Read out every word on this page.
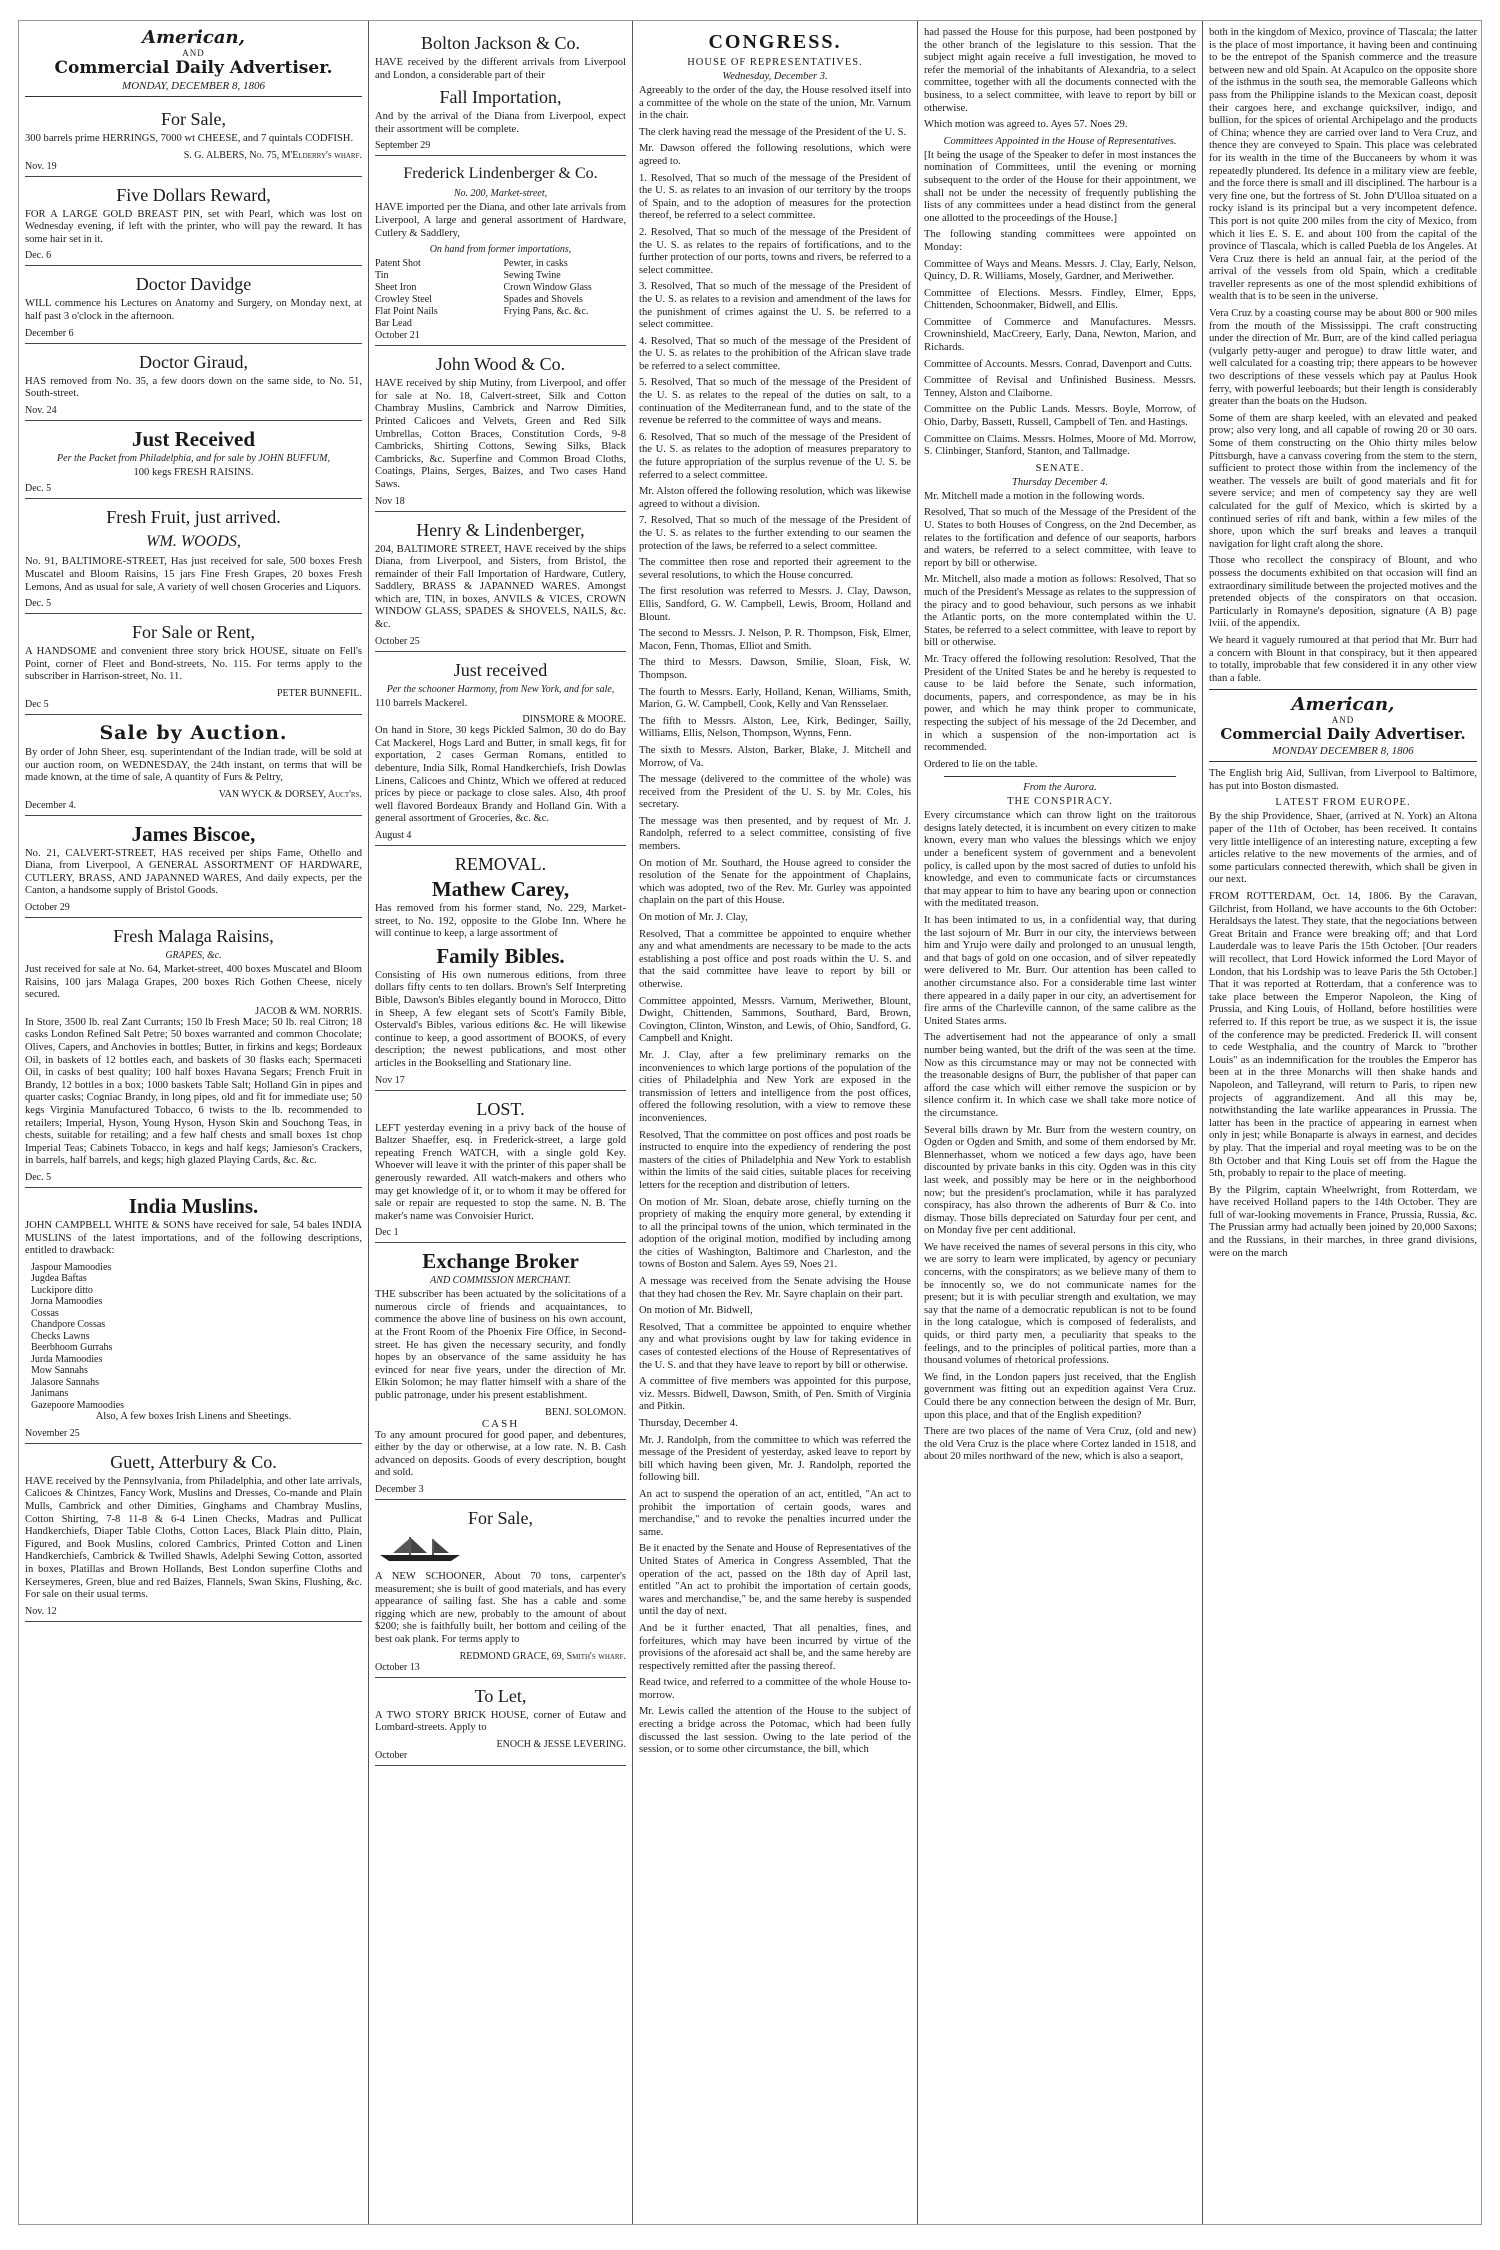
American,
AND
Commercial Daily Advertiser.
MONDAY, DECEMBER 8, 1806
For Sale,

300 barrels prime HERRINGS, 7000 wt CHEESE, and 7 quintals CODFISH.

S. G. ALBERS, No. 75, M'Elderry's wharf.
Nov. 19
Five Dollars Reward,

FOR A LARGE GOLD BREAST PIN, set with Pearl, which was lost on Wednesday evening, if left with the printer, who will pay the reward. It has some hair set in it.

Dec. 6
Doctor Davidge

WILL commence his Lectures on Anatomy and Surgery, on Monday next, at half past 3 o'clock in the afternoon.

December 6
Doctor Giraud,

HAS removed from No. 35, a few doors down on the same side, to No. 51, South-street.

Nov. 24
Just Received
Per the Packet from Philadelphia, and for sale by JOHN BUFFUM,

100 kegs FRESH RAISINS.

Dec. 5
Fresh Fruit, just arrived.
WM. WOODS,

No. 91, BALTIMORE-STREET, Has just received for sale, 500 boxes Fresh Muscatel and Bloom Raisins, 15 jars Fine Fresh Grapes, 20 boxes Fresh Lemons, And as usual for sale, A variety of well chosen Groceries and Liquors.

Dec. 5
For Sale or Rent,

A HANDSOME and convenient three story brick HOUSE, situate on Fell's Point, corner of Fleet and Bond-streets, No. 115. For terms apply to the subscriber in Harrison-street, No. 11.

PETER BUNNEFIL.
Dec 5
Sale by Auction.

By order of John Sheer, esq. superintendant of the Indian trade, will be sold at our auction room, on WEDNESDAY, the 24th instant, on terms that will be made known, at the time of sale, A quantity of Furs & Peltry,

VAN WYCK & DORSEY, Auct'rs.
December 4.
James Biscoe,

No. 21, CALVERT-STREET, HAS received per ships Fame, Othello and Diana, from Liverpool, A GENERAL ASSORTMENT OF HARDWARE, CUTLERY, BRASS, AND JAPANNED WARES, And daily expects, per the Canton, a handsome supply of Bristol Goods.

October 29
Fresh Malaga Raisins,
GRAPES, &c.

Just received for sale at No. 64, Market-street, 400 boxes Muscatel and Bloom Raisins, 100 jars Malaga Grapes, 200 boxes Rich Gothen Cheese, nicely secured.

JACOB & WM. NORRIS.

In Store, 3500 lb. real Zant Currants; 150 lb Fresh Mace; 50 lb. real Citron; 18 casks London Refined Salt Petre; 50 boxes warranted and common Chocolate; Olives, Capers, and Anchovies in bottles; Butter, in firkins and kegs; Bordeaux Oil, in baskets of 12 bottles each, and baskets of 30 flasks each; Spermaceti Oil, in casks of best quality; 100 half boxes Havana Segars; French Fruit in Brandy, 12 bottles in a box; 1000 baskets Table Salt; Holland Gin in pipes and quarter casks; Cogniac Brandy, in long pipes, old and fit for immediate use; 50 kegs Virginia Manufactured Tobacco, 6 twists to the lb. recommended to retailers; Imperial, Hyson, Young Hyson, Hyson Skin and Souchong Teas, in chests, suitable for retailing; and a few half chests and small boxes 1st chop Imperial Teas; Cabinets Tobacco, in kegs and half kegs; Jamieson's Crackers, in barrels, half barrels, and kegs; high glazed Playing Cards, &c. &c.

Dec. 5
India Muslins.

JOHN CAMPBELL WHITE & SONS have received for sale, 54 bales INDIA MUSLINS of the latest importations, and of the following descriptions, entitled to drawback:

Jaspour Mamoodies
Jugdea Baftas
Luckipore ditto
Jorna Mamoodies
Cossas
Chandpore Cossas
Checks Lawns
Beerbhoom Gurrahs
Jurda Mamoodies
Mow Sannahs
Jalasore Sannahs
Janimans
Gazepoore Mamoodies

Also, A few boxes Irish Linens and Sheetings.

November 25
Guett, Atterbury & Co.

HAVE received by the Pennsylvania, from Philadelphia, and other late arrivals, Calicoes & Chintzes, Fancy Work, Muslins and Dresses, Co-mande and Plain Mulls, Cambrick and other Dimities, Ginghams and Chambray Muslins, Cotton Shirting, 7-8 11-8 & 6-4 Linen Checks, Madras and Pullicat Handkerchiefs, Diaper Table Cloths, Cotton Laces, Black Plain ditto, Plain, Figured, and Book Muslins, colored Cambrics, Printed Cotton and Linen Handkerchiefs, Cambrick & Twilled Shawls, Adelphi Sewing Cotton, assorted in boxes, Platillas and Brown Hollands, Best London superfine Cloths and Kerseymeres, Green, blue and red Baizes, Flannels, Swan Skins, Flushing, &c. For sale on their usual terms.

Nov. 12
Bolton Jackson & Co.

HAVE received by the different arrivals from Liverpool and London, a considerable part of their

Fall Importation,

And by the arrival of the Diana from Liverpool, expect their assortment will be complete.

September 29
Frederick Lindenberger & Co.
No. 200, Market-street,

HAVE imported per the Diana, and other late arrivals from Liverpool, A large and general assortment of Hardware, Cutlery & Saddlery,

On hand from former importations,
Patent Shot
Tin
Sheet Iron
Crowley Steel
Flat Point Nails
Bar Lead
Pewter, in casks
Sewing Twine
Crown Window Glass
Spades and Shovels
Frying Pans, &c. &c.
October 21
John Wood & Co.

HAVE received by ship Mutiny, from Liverpool, and offer for sale at No. 18, Calvert-street, Silk and Cotton Chambray Muslins, Cambrick and Narrow Dimities, Printed Calicoes and Velvets, Green and Red Silk Umbrellas, Cotton Braces, Constitution Cords, 9-8 Cambricks, Shirting Cottons, Sewing Silks, Black Cambricks, &c. Superfine and Common Broad Cloths, Coatings, Plains, Serges, Baizes, and Two cases Hand Saws.

Nov 18
Henry & Lindenberger,

204, BALTIMORE STREET, HAVE received by the ships Diana, from Liverpool, and Sisters, from Bristol, the remainder of their Fall Importation of Hardware, Cutlery, Saddlery, BRASS & JAPANNED WARES. Amongst which are, TIN, in boxes, ANVILS & VICES, CROWN WINDOW GLASS, SPADES & SHOVELS, NAILS, &c. &c.

October 25
Just received
Per the schooner Harmony, from New York, and for sale,

110 barrels Mackerel.

DINSMORE & MOORE.

On hand in Store, 30 kegs Pickled Salmon, 30 do do Bay Cat Mackerel, Hogs Lard and Butter, in small kegs, fit for exportation, 2 cases German Romans, entitled to debenture, India Silk, Romal Handkerchiefs, Irish Dowlas Linens, Calicoes and Chintz, Which we offered at reduced prices by piece or package to close sales. Also, 4th proof well flavored Bordeaux Brandy and Holland Gin. With a general assortment of Groceries, &c. &c.

August 4
REMOVAL.
Mathew Carey,

Has removed from his former stand, No. 229, Market-street, to No. 192, opposite to the Globe Inn. Where he will continue to keep, a large assortment of

Family Bibles.

Consisting of His own numerous editions, from three dollars fifty cents to ten dollars. Brown's Self Interpreting Bible, Dawson's Bibles elegantly bound in Morocco, Ditto in Sheep, A few elegant sets of Scott's Family Bible, Ostervald's Bibles, various editions &c. He will likewise continue to keep, a good assortment of BOOKS, of every description; the newest publications, and most other articles in the Bookselling and Stationary line.

Nov 17
LOST.

LEFT yesterday evening in a privy back of the house of Baltzer Shaeffer, esq. in Frederick-street, a large gold repeating French WATCH, with a single gold Key. Whoever will leave it with the printer of this paper shall be generously rewarded. All watch-makers and others who may get knowledge of it, or to whom it may be offered for sale or repair are requested to stop the same. N. B. The maker's name was Convoisier Hurict.

Dec 1
Exchange Broker
AND COMMISSION MERCHANT.

THE subscriber has been actuated by the solicitations of a numerous circle of friends and acquaintances, to commence the above line of business on his own account, at the Front Room of the Phoenix Fire Office, in Second-street. He has given the necessary security, and fondly hopes by an observance of the same assiduity he has evinced for near five years, under the direction of Mr. Elkin Solomon; he may flatter himself with a share of the public patronage, under his present establishment.

BENJ. SOLOMON.
CASH

To any amount procured for good paper, and debentures, either by the day or otherwise, at a low rate. N. B. Cash advanced on deposits. Goods of every description, bought and sold.

December 3
For Sale,

A NEW SCHOONER, About 70 tons, carpenter's measurement; she is built of good materials, and has every appearance of sailing fast. She has a cable and some rigging which are new, probably to the amount of about $200; she is faithfully built, her bottom and ceiling of the best oak plank. For terms apply to

REDMOND GRACE, 69, Smith's wharf.
October 13
To Let,

A TWO STORY BRICK HOUSE, corner of Eutaw and Lombard-streets. Apply to

ENOCH & JESSE LEVERING.
October
CONGRESS.
HOUSE OF REPRESENTATIVES.
Wednesday, December 3.

Agreeably to the order of the day, the House resolved itself into a committee of the whole on the state of the union, Mr. Varnum in the chair.

The clerk having read the message of the President of the U. S.

Mr. Dawson offered the following resolutions, which were agreed to.

1. Resolved, That so much of the message of the President of the U. S. as relates to an invasion of our territory by the troops of Spain, and to the adoption of measures for the protection thereof, be referred to a select committee.

2. Resolved, That so much of the message of the President of the U. S. as relates to the repairs of fortifications, and to the further protection of our ports, towns and rivers, be referred to a select committee.

3. Resolved, That so much of the message of the President of the U. S. as relates to a revision and amendment of the laws for the punishment of crimes against the U. S. be referred to a select committee.

4. Resolved, That so much of the message of the President of the U. S. as relates to the prohibition of the African slave trade be referred to a select committee.

5. Resolved, That so much of the message of the President of the U. S. as relates to the repeal of the duties on salt, to a continuation of the Mediterranean fund, and to the state of the revenue be referred to the committee of ways and means.

6. Resolved, That so much of the message of the President of the U. S. as relates to the adoption of measures preparatory to the future appropriation of the surplus revenue of the U. S. be referred to a select committee.

Mr. Alston offered the following resolution, which was likewise agreed to without a division.

7. Resolved, That so much of the message of the President of the U. S. as relates to the further extending to our seamen the protection of the laws, be referred to a select committee.

The committee then rose and reported their agreement to the several resolutions, to which the House concurred.

The first resolution was referred to Messrs. J. Clay, Dawson, Ellis, Sandford, G. W. Campbell, Lewis, Broom, Holland and Blount.

The second to Messrs. J. Nelson, P. R. Thompson, Fisk, Elmer, Macon, Fenn, Thomas, Elliot and Smith.

The third to Messrs. Dawson, Smilie, Sloan, Fisk, W. Thompson.

The fourth to Messrs. Early, Holland, Kenan, Williams, Smith, Marion, G. W. Campbell, Cook, Kelly and Van Rensselaer.

The fifth to Messrs. Alston, Lee, Kirk, Bedinger, Sailly, Williams, Ellis, Nelson, Thompson, Wynns, Fenn.

The sixth to Messrs. Alston, Barker, Blake, J. Mitchell and Morrow, of Va.

The message (delivered to the committee of the whole) was received from the President of the U. S. by Mr. Coles, his secretary.

The message was then presented, and by request of Mr. J. Randolph, referred to a select committee, consisting of five members.

On motion of Mr. Southard, the House agreed to consider the resolution of the Senate for the appointment of Chaplains, which was adopted, two of the Rev. Mr. Gurley was appointed chaplain on the part of this House.

On motion of Mr. J. Clay,

Resolved, That a committee be appointed to enquire whether any and what amendments are necessary to be made to the acts establishing a post office and post roads within the U. S. and that the said committee have leave to report by bill or otherwise.

Committee appointed, Messrs. Varnum, Meriwether, Blount, Dwight, Chittenden, Sammons, Southard, Bard, Brown, Covington, Clinton, Winston, and Lewis, of Ohio, Sandford, G. Campbell and Knight.

Mr. J. Clay, after a few preliminary remarks on the inconveniences to which large portions of the population of the cities of Philadelphia and New York are exposed in the transmission of letters and intelligence from the post offices, offered the following resolution, with a view to remove these inconveniences.

Resolved, That the committee on post offices and post roads be instructed to enquire into the expediency of rendering the post masters of the cities of Philadelphia and New York to establish within the limits of the said cities, suitable places for receiving letters for the reception and distribution of letters.

On motion of Mr. Sloan, debate arose, chiefly turning on the propriety of making the enquiry more general, by extending it to all the principal towns of the union, which terminated in the adoption of the original motion, modified by including among the cities of Washington, Baltimore and Charleston, and the towns of Boston and Salem. Ayes 59, Noes 21.

A message was received from the Senate advising the House that they had chosen the Rev. Mr. Sayre chaplain on their part.

On motion of Mr. Bidwell,

Resolved, That a committee be appointed to enquire whether any and what provisions ought by law for taking evidence in cases of contested elections of the House of Representatives of the U. S. and that they have leave to report by bill or otherwise.

A committee of five members was appointed for this purpose, viz. Messrs. Bidwell, Dawson, Smith, of Pen. Smith of Virginia and Pitkin.

Thursday, December 4.

Mr. J. Randolph, from the committee to which was referred the message of the President of yesterday, asked leave to report by bill which having been given, Mr. J. Randolph, reported the following bill.

An act to suspend the operation of an act, entitled, "An act to prohibit the importation of certain goods, wares and merchandise," and to revoke the penalties incurred under the same.

Be it enacted by the Senate and House of Representatives of the United States of America in Congress Assembled, That the operation of the act, passed on the 18th day of April last, entitled "An act to prohibit the importation of certain goods, wares and merchandise," be, and the same hereby is suspended until the day of next.

And be it further enacted, That all penalties, fines, and forfeitures, which may have been incurred by virtue of the provisions of the aforesaid act shall be, and the same hereby are respectively remitted after the passing thereof.

Read twice, and referred to a committee of the whole House to-morrow.

Mr. Lewis called the attention of the House to the subject of erecting a bridge across the Potomac, which had been fully discussed the last session. Owing to the late period of the session, or to some other circumstance, the bill, which

had passed the House for this purpose, had been postponed by the other branch of the legislature to this session. That the subject might again receive a full investigation, he moved to refer the memorial of the inhabitants of Alexandria, to a select committee, together with all the documents connected with the business, to a select committee, with leave to report by bill or otherwise.

Which motion was agreed to. Ayes 57. Noes 29.

Committees Appointed in the House of Representatives.

[It being the usage of the Speaker to defer in most instances the nomination of Committees, until the evening or morning subsequent to the order of the House for their appointment, we shall not be under the necessity of frequently publishing the lists of any committees under a head distinct from the general one allotted to the proceedings of the House.]

The following standing committees were appointed on Monday:

Committee of Ways and Means. Messrs. J. Clay, Early, Nelson, Quincy, D. R. Williams, Mosely, Gardner, and Meriwether.

Committee of Elections. Messrs. Findley, Elmer, Epps, Chittenden, Schoonmaker, Bidwell, and Ellis.

Committee of Commerce and Manufactures. Messrs. Crowninshield, MacCreery, Early, Dana, Newton, Marion, and Richards.

Committee of Accounts. Messrs. Conrad, Davenport and Cutts.

Committee of Revisal and Unfinished Business. Messrs. Tenney, Alston and Claiborne.

Committee on the Public Lands. Messrs. Boyle, Morrow, of Ohio, Darby, Bassett, Russell, Campbell of Ten. and Hastings.

Committee on Claims. Messrs. Holmes, Moore of Md. Morrow, S. Clinbinger, Stanford, Stanton, and Tallmadge.

SENATE.
Thursday December 4.

Mr. Mitchell made a motion in the following words.

Resolved, That so much of the Message of the President of the U. States to both Houses of Congress, on the 2nd December, as relates to the fortification and defence of our seaports, harbors and waters, be referred to a select committee, with leave to report by bill or otherwise.

Mr. Mitchell, also made a motion as follows: Resolved, That so much of the President's Message as relates to the suppression of the piracy and to good behaviour, such persons as we inhabit the Atlantic ports, on the more contemplated within the U. States, be referred to a select committee, with leave to report by bill or otherwise.

Mr. Tracy offered the following resolution: Resolved, That the President of the United States be and he hereby is requested to cause to be laid before the Senate, such information, documents, papers, and correspondence, as may be in his power, and which he may think proper to communicate, respecting the subject of his message of the 2d December, and in which a suspension of the non-importation act is recommended.

Ordered to lie on the table.

From the Aurora.
THE CONSPIRACY.

Every circumstance which can throw light on the traitorous designs lately detected, it is incumbent on every citizen to make known, every man who values the blessings which we enjoy under a beneficent system of government and a benevolent policy, is called upon by the most sacred of duties to unfold his knowledge, and even to communicate facts or circumstances that may appear to him to have any bearing upon or connection with the meditated treason.

It has been intimated to us, in a confidential way, that during the last sojourn of Mr. Burr in our city, the interviews between him and Yrujo were daily and prolonged to an unusual length, and that bags of gold on one occasion, and of silver repeatedly were delivered to Mr. Burr. Our attention has been called to another circumstance also. For a considerable time last winter there appeared in a daily paper in our city, an advertisement for fire arms of the Charleville cannon, of the same calibre as the United States arms.

The advertisement had not the appearance of only a small number being wanted, but the drift of the was seen at the time. Now as this circumstance may or may not be connected with the treasonable designs of Burr, the publisher of that paper can afford the case which will either remove the suspicion or by silence confirm it. In which case we shall take more notice of the circumstance.

Several bills drawn by Mr. Burr from the western country, on Ogden or Ogden and Smith, and some of them endorsed by Mr. Blennerhasset, whom we noticed a few days ago, have been discounted by private banks in this city. Ogden was in this city last week, and possibly may be here or in the neighborhood now; but the president's proclamation, while it has paralyzed conspiracy, has also thrown the adherents of Burr & Co. into dismay. Those bills depreciated on Saturday four per cent, and on Monday five per cent additional.

We have received the names of several persons in this city, who we are sorry to learn were implicated, by agency or pecuniary concerns, with the conspirators; as we believe many of them to be innocently so, we do not communicate names for the present; but it is with peculiar strength and exultation, we may say that the name of a democratic republican is not to be found in the long catalogue, which is composed of federalists, and quids, or third party men, a peculiarity that speaks to the feelings, and to the principles of political parties, more than a thousand volumes of rhetorical professions.

We find, in the London papers just received, that the English government was fitting out an expedition against Vera Cruz. Could there be any connection between the design of Mr. Burr, upon this place, and that of the English expedition?

There are two places of the name of Vera Cruz, (old and new) the old Vera Cruz is the place where Cortez landed in 1518, and about 20 miles northward of the new, which is also a seaport,

both in the kingdom of Mexico, province of Tlascala; the latter is the place of most importance, it having been and continuing to be the entrepot of the Spanish commerce and the treasure between new and old Spain. At Acapulco on the opposite shore of the isthmus in the south sea, the memorable Galleons which pass from the Philippine islands to the Mexican coast, deposit their cargoes here, and exchange quicksilver, indigo, and bullion, for the spices of oriental Archipelago and the products of China; whence they are carried over land to Vera Cruz, and thence they are conveyed to Spain. This place was celebrated for its wealth in the time of the Buccaneers by whom it was repeatedly plundered. Its defence in a military view are feeble, and the force there is small and ill disciplined. The harbour is a very fine one, but the fortress of St. John D'Ulloa situated on a rocky island is its principal but a very incompetent defence. This port is not quite 200 miles from the city of Mexico, from which it lies E. S. E. and about 100 from the capital of the province of Tlascala, which is called Puebla de los Angeles. At Vera Cruz there is held an annual fair, at the period of the arrival of the vessels from old Spain, which a creditable traveller represents as one of the most splendid exhibitions of wealth that is to be seen in the universe.

Vera Cruz by a coasting course may be about 800 or 900 miles from the mouth of the Mississippi. The craft constructing under the direction of Mr. Burr, are of the kind called periagua (vulgarly petty-auger and perogue) to draw little water, and well calculated for a coasting trip; there appears to be however two descriptions of these vessels which pay at Paulus Hook ferry, with powerful leeboards; but their length is considerably greater than the boats on the Hudson.

Some of them are sharp keeled, with an elevated and peaked prow; also very long, and all capable of rowing 20 or 30 oars. Some of them constructing on the Ohio thirty miles below Pittsburgh, have a canvass covering from the stem to the stern, sufficient to protect those within from the inclemency of the weather. The vessels are built of good materials and fit for severe service; and men of competency say they are well calculated for the gulf of Mexico, which is skirted by a continued series of rift and bank, within a few miles of the shore, upon which the surf breaks and leaves a tranquil navigation for light craft along the shore.

Those who recollect the conspiracy of Blount, and who possess the documents exhibited on that occasion will find an extraordinary similitude between the projected motives and the pretended objects of the conspirators on that occasion. Particularly in Romayne's deposition, signature (A B) page lviii. of the appendix.

We heard it vaguely rumoured at that period that Mr. Burr had a concern with Blount in that conspiracy, but it then appeared to totally, improbable that few considered it in any other view than a fable.

American,
AND
Commercial Daily Advertiser.
MONDAY DECEMBER 8, 1806

The English brig Aid, Sullivan, from Liverpool to Baltimore, has put into Boston dismasted.

LATEST FROM EUROPE.

By the ship Providence, Shaer, (arrived at N. York) an Altona paper of the 11th of October, has been received. It contains very little intelligence of an interesting nature, excepting a few articles relative to the new movements of the armies, and of some particulars connected therewith, which shall be given in our next.

FROM ROTTERDAM, Oct. 14, 1806. By the Caravan, Gilchrist, from Holland, we have accounts to the 6th October: Heraldsays the latest. They state, that the negociations between Great Britain and France were breaking off; and that Lord Lauderdale was to leave Paris the 15th October. [Our readers will recollect, that Lord Howick informed the Lord Mayor of London, that his Lordship was to leave Paris the 5th October.] That it was reported at Rotterdam, that a conference was to take place between the Emperor Napoleon, the King of Prussia, and King Louis, of Holland, before hostilities were referred to. If this report be true, as we suspect it is, the issue of the conference may be predicted. Frederick II. will consent to cede Westphalia, and the country of Marck to "brother Louis" as an indemnification for the troubles the Emperor has been at in the three Monarchs will then shake hands and Napoleon, and Talleyrand, will return to Paris, to ripen new projects of aggrandizement. And all this may be, notwithstanding the late warlike appearances in Prussia. The latter has been in the practice of appearing in earnest when only in jest; while Bonaparte is always in earnest, and decides by play. That the imperial and royal meeting was to be on the 8th October and that King Louis set off from the Hague the 5th, probably to repair to the place of meeting.

By the Pilgrim, captain Wheelwright, from Rotterdam, we have received Holland papers to the 14th October. They are full of war-looking movements in France, Prussia, Russia, &c. The Prussian army had actually been joined by 20,000 Saxons; and the Russians, in their marches, in three grand divisions, were on the march
